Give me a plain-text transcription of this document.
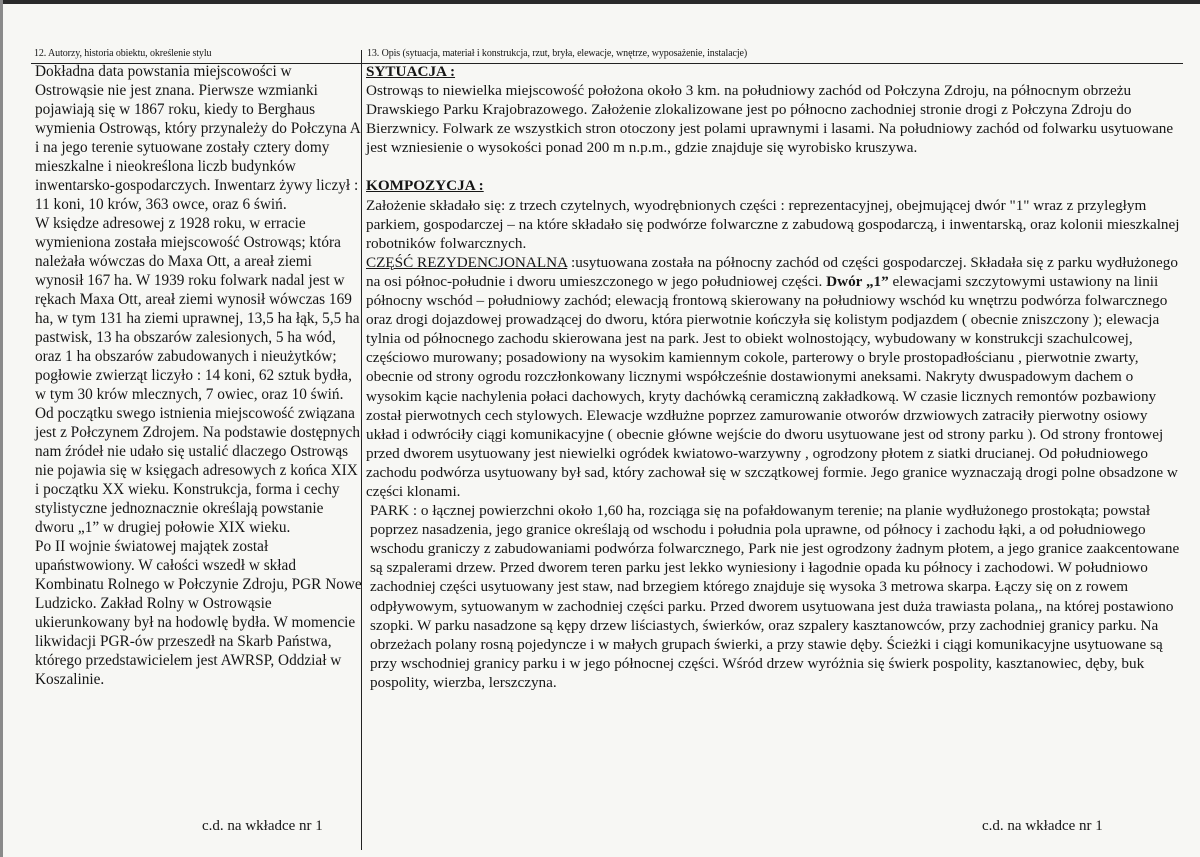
12. Autorzy, historia obiektu, określenie stylu	13. Opis (sytuacja, materiał i konstrukcja, rzut, bryła, elewacje, wnętrze, wyposażenie, instalacje)

Dokładna data powstania miejscowości w Ostrowąsie nie jest znana. Pierwsze wzmianki pojawiają się w 1867 roku, kiedy to Berghaus wymienia Ostrowąs, który przynależy do Połczyna A i na jego terenie sytuowane zostały cztery domy mieszkalne i nieokreślona liczb budynków inwentarsko-gospodarczych. Inwentarz żywy liczył : 11 koni, 10 krów, 363 owce, oraz 6 świń.

W księdze adresowej z 1928 roku, w erracie wymieniona została miejscowość Ostrowąs; która należała wówczas do Maxa Ott, a areał ziemi wynosił 167 ha. W 1939 roku folwark nadal jest w rękach Maxa Ott, areał ziemi wynosił wówczas 169 ha, w tym 131 ha ziemi uprawnej, 13,5 ha łąk, 5,5 ha pastwisk, 13 ha obszarów zalesionych, 5 ha wód, oraz 1 ha obszarów zabudowanych i nieużytków; pogłowie zwierząt liczyło : 14 koni, 62 sztuk bydła, w tym 30 krów mlecznych, 7 owiec, oraz 10 świń. Od początku swego istnienia miejscowość związana jest z Połczynem Zdrojem. Na podstawie dostępnych nam źródeł nie udało się ustalić dlaczego Ostrowąs nie pojawia się w księgach adresowych z końca XIX i początku XX wieku. Konstrukcja, forma i cechy stylistyczne jednoznacznie określają powstanie dworu „1” w drugiej połowie XIX wieku.

Po II wojnie światowej majątek został upaństwowiony. W całości wszedł w skład Kombinatu Rolnego w Połczynie Zdroju, PGR Nowe Ludzicko. Zakład Rolny w Ostrowąsie ukierunkowany był na hodowlę bydła. W momencie likwidacji PGR-ów przeszedł na Skarb Państwa, którego przedstawicielem jest AWRSP, Oddział w Koszalinie.

SYTUACJA :

Ostrowąs to niewielka miejscowość położona około 3 km. na południowy zachód od Połczyna Zdroju, na północnym obrzeżu Drawskiego Parku Krajobrazowego. Założenie zlokalizowane jest po północno zachodniej stronie drogi z Połczyna Zdroju do Bierzwnicy. Folwark ze wszystkich stron otoczony jest polami uprawnymi i lasami. Na południowy zachód od folwarku usytuowane jest wzniesienie o wysokości ponad 200 m n.p.m., gdzie znajduje się wyrobisko kruszywa.

KOMPOZYCJA :

Założenie składało się: z trzech czytelnych, wyodrębnionych części : reprezentacyjnej, obejmującej dwór "1" wraz z przyległym parkiem, gospodarczej – na które składało się podwórze folwarczne z zabudową gospodarczą, i inwentarską, oraz kolonii mieszkalnej robotników folwarcznych.

CZĘŚĆ REZYDENCJONALNA :usytuowana została na północny zachód od części gospodarczej. Składała się z parku wydłużonego na osi północ-południe i dworu umieszczonego w jego południowej części. Dwór „1” elewacjami szczytowymi ustawiony na linii północny wschód – południowy zachód; elewacją frontową skierowany na południowy wschód ku wnętrzu podwórza folwarcznego oraz drogi dojazdowej prowadzącej do dworu, która pierwotnie kończyła się kolistym podjazdem ( obecnie zniszczony ); elewacja tylnia od północnego zachodu skierowana jest na park. Jest to obiekt wolnostojący, wybudowany w konstrukcji szachulcowej, częściowo murowany; posadowiony na wysokim kamiennym cokole, parterowy o bryle prostopadłościanu , pierwotnie zwarty, obecnie od strony ogrodu rozczłonkowany licznymi współcześnie dostawionymi aneksami. Nakryty dwuspadowym dachem o wysokim kącie nachylenia połaci dachowych, kryty dachówką ceramiczną zakładkową. W czasie licznych remontów pozbawiony został pierwotnych cech stylowych. Elewacje wzdłużne poprzez zamurowanie otworów drzwiowych zatraciły pierwotny osiowy układ i odwróciły ciągi komunikacyjne ( obecnie główne wejście do dworu usytuowane jest od strony parku ). Od strony frontowej przed dworem usytuowany jest niewielki ogródek kwiatowo-warzywny , ogrodzony płotem z siatki drucianej. Od południowego zachodu podwórza usytuowany był sad, który zachował się w szczątkowej formie. Jego granice wyznaczają drogi polne obsadzone w części klonami.

PARK : o łącznej powierzchni około 1,60 ha, rozciąga się na pofałdowanym terenie; na planie wydłużonego prostokąta; powstał poprzez nasadzenia, jego granice określają od wschodu i południa pola uprawne, od północy i zachodu łąki, a od południowego wschodu graniczy z zabudowaniami podwórza folwarcznego, Park nie jest ogrodzony żadnym płotem, a jego granice zaakcentowane są szpalerami drzew. Przed dworem teren parku jest lekko wyniesiony i łagodnie opada ku północy i zachodowi. W południowo zachodniej części usytuowany jest staw, nad brzegiem którego znajduje się wysoka 3 metrowa skarpa. Łączy się on z rowem odpływowym, sytuowanym w zachodniej części parku. Przed dworem usytuowana jest duża trawiasta polana,, na której postawiono szopki. W parku nasadzone są kępy drzew liściastych, świerków, oraz szpalery kasztanowców, przy zachodniej granicy parku. Na obrzeżach polany rosną pojedyncze i w małych grupach świerki, a przy stawie dęby. Ścieżki i ciągi komunikacyjne usytuowane są przy wschodniej granicy parku i w jego północnej części. Wśród drzew wyróżnia się świerk pospolity, kasztanowiec, dęby, buk pospolity, wierzba, lerszczyna.

c.d. na wkładce nr 1	c.d. na wkładce nr 1
